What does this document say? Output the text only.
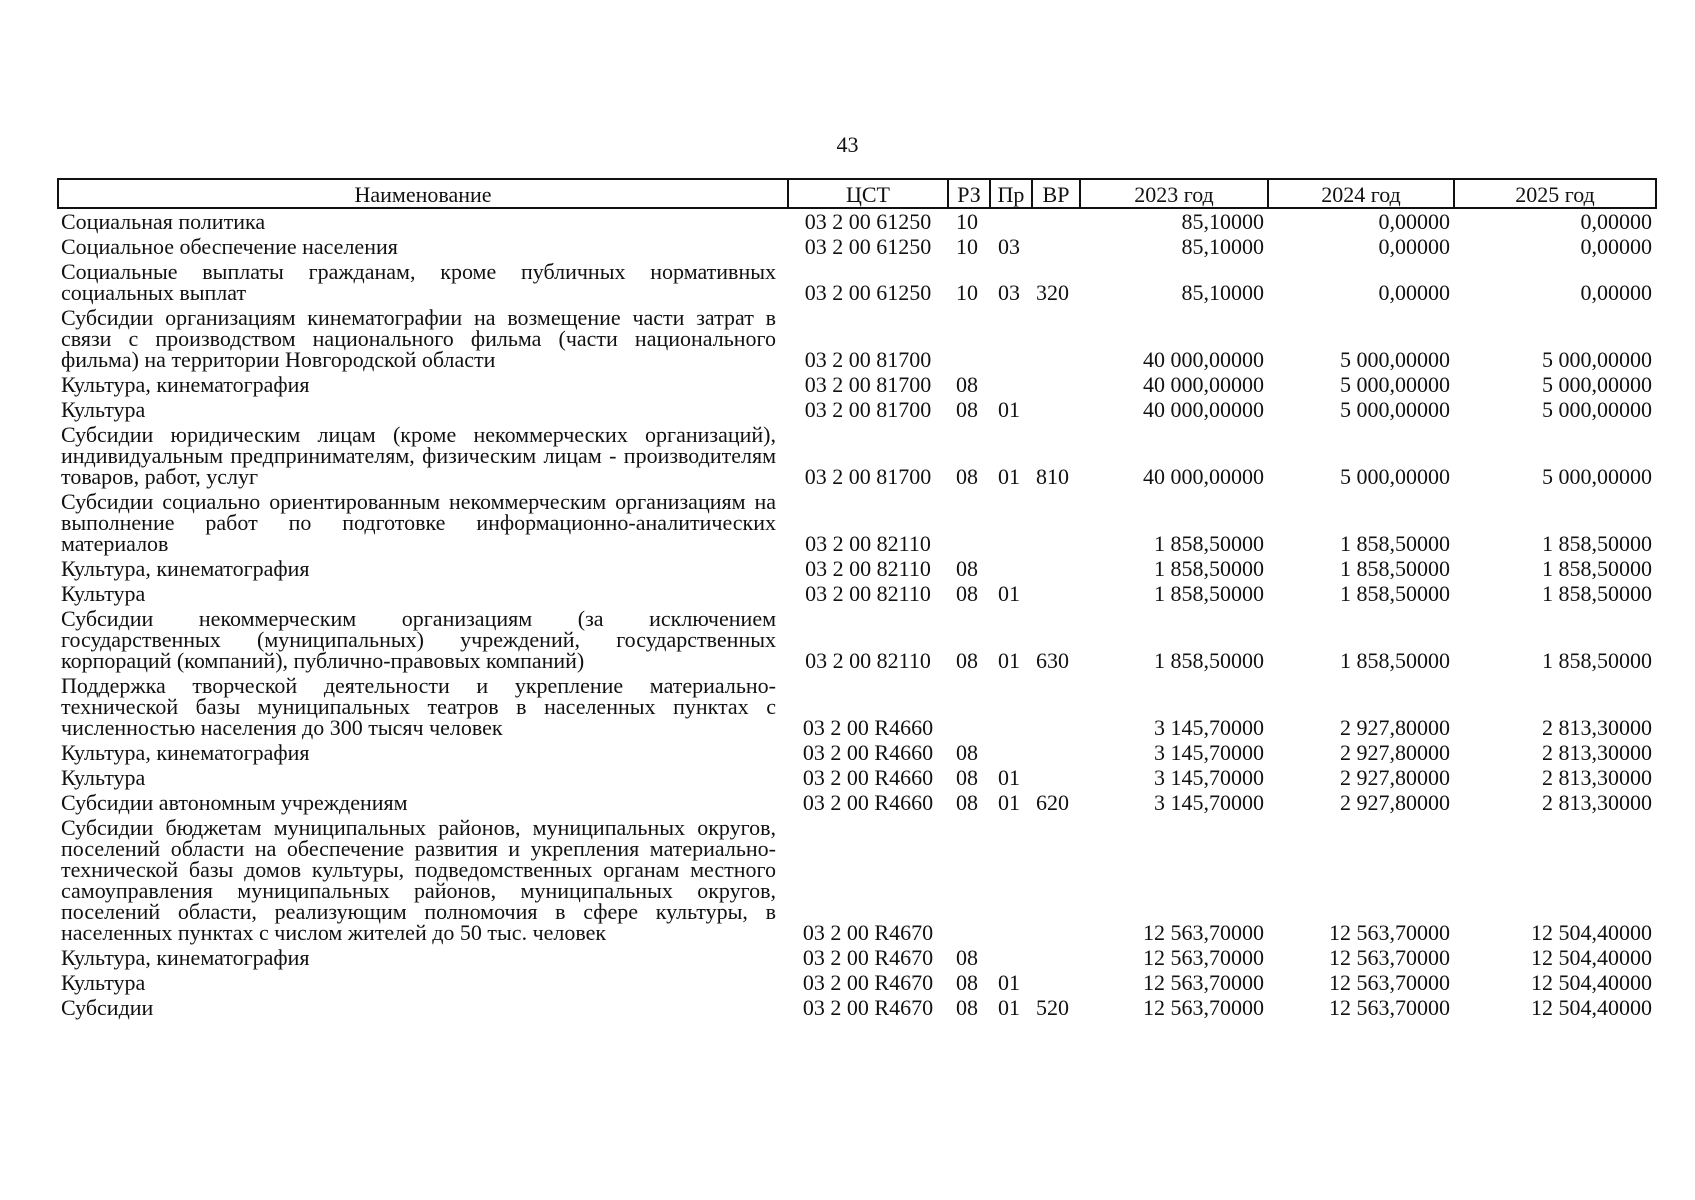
43
Наименование	ЦСТ	РЗ	Пр	ВР	2023 год	2024 год	2025 год
Социальная политика	03 2 00 61250	10			85,10000	0,00000	0,00000
Социальное обеспечение населения	03 2 00 61250	10	03		85,10000	0,00000	0,00000
Социальные выплаты гражданам, кроме публичных нормативных социальных выплат	03 2 00 61250	10	03	320	85,10000	0,00000	0,00000
Субсидии организациям кинематографии на возмещение части затрат в связи с производством национального фильма (части национального фильма) на территории Новгородской области	03 2 00 81700				40 000,00000	5 000,00000	5 000,00000
Культура, кинематография	03 2 00 81700	08			40 000,00000	5 000,00000	5 000,00000
Культура	03 2 00 81700	08	01		40 000,00000	5 000,00000	5 000,00000
Субсидии юридическим лицам (кроме некоммерческих организаций), индивидуальным предпринимателям, физическим лицам - производителям товаров, работ, услуг	03 2 00 81700	08	01	810	40 000,00000	5 000,00000	5 000,00000
Субсидии социально ориентированным некоммерческим организациям на выполнение работ по подготовке информационно-аналитических материалов	03 2 00 82110				1 858,50000	1 858,50000	1 858,50000
Культура, кинематография	03 2 00 82110	08			1 858,50000	1 858,50000	1 858,50000
Культура	03 2 00 82110	08	01		1 858,50000	1 858,50000	1 858,50000
Субсидии некоммерческим организациям (за исключением государственных (муниципальных) учреждений, государственных корпораций (компаний), публично-правовых компаний)	03 2 00 82110	08	01	630	1 858,50000	1 858,50000	1 858,50000
Поддержка творческой деятельности и укрепление материально-технической базы муниципальных театров в населенных пунктах с численностью населения до 300 тысяч человек	03 2 00 R4660				3 145,70000	2 927,80000	2 813,30000
Культура, кинематография	03 2 00 R4660	08			3 145,70000	2 927,80000	2 813,30000
Культура	03 2 00 R4660	08	01		3 145,70000	2 927,80000	2 813,30000
Субсидии автономным учреждениям	03 2 00 R4660	08	01	620	3 145,70000	2 927,80000	2 813,30000
Субсидии бюджетам муниципальных районов, муниципальных округов, поселений области на обеспечение развития и укрепления материально-технической базы домов культуры, подведомственных органам местного самоуправления муниципальных районов, муниципальных округов, поселений области, реализующим полномочия в сфере культуры, в населенных пунктах с числом жителей до 50 тыс. человек	03 2 00 R4670				12 563,70000	12 563,70000	12 504,40000
Культура, кинематография	03 2 00 R4670	08			12 563,70000	12 563,70000	12 504,40000
Культура	03 2 00 R4670	08	01		12 563,70000	12 563,70000	12 504,40000
Субсидии	03 2 00 R4670	08	01	520	12 563,70000	12 563,70000	12 504,40000
